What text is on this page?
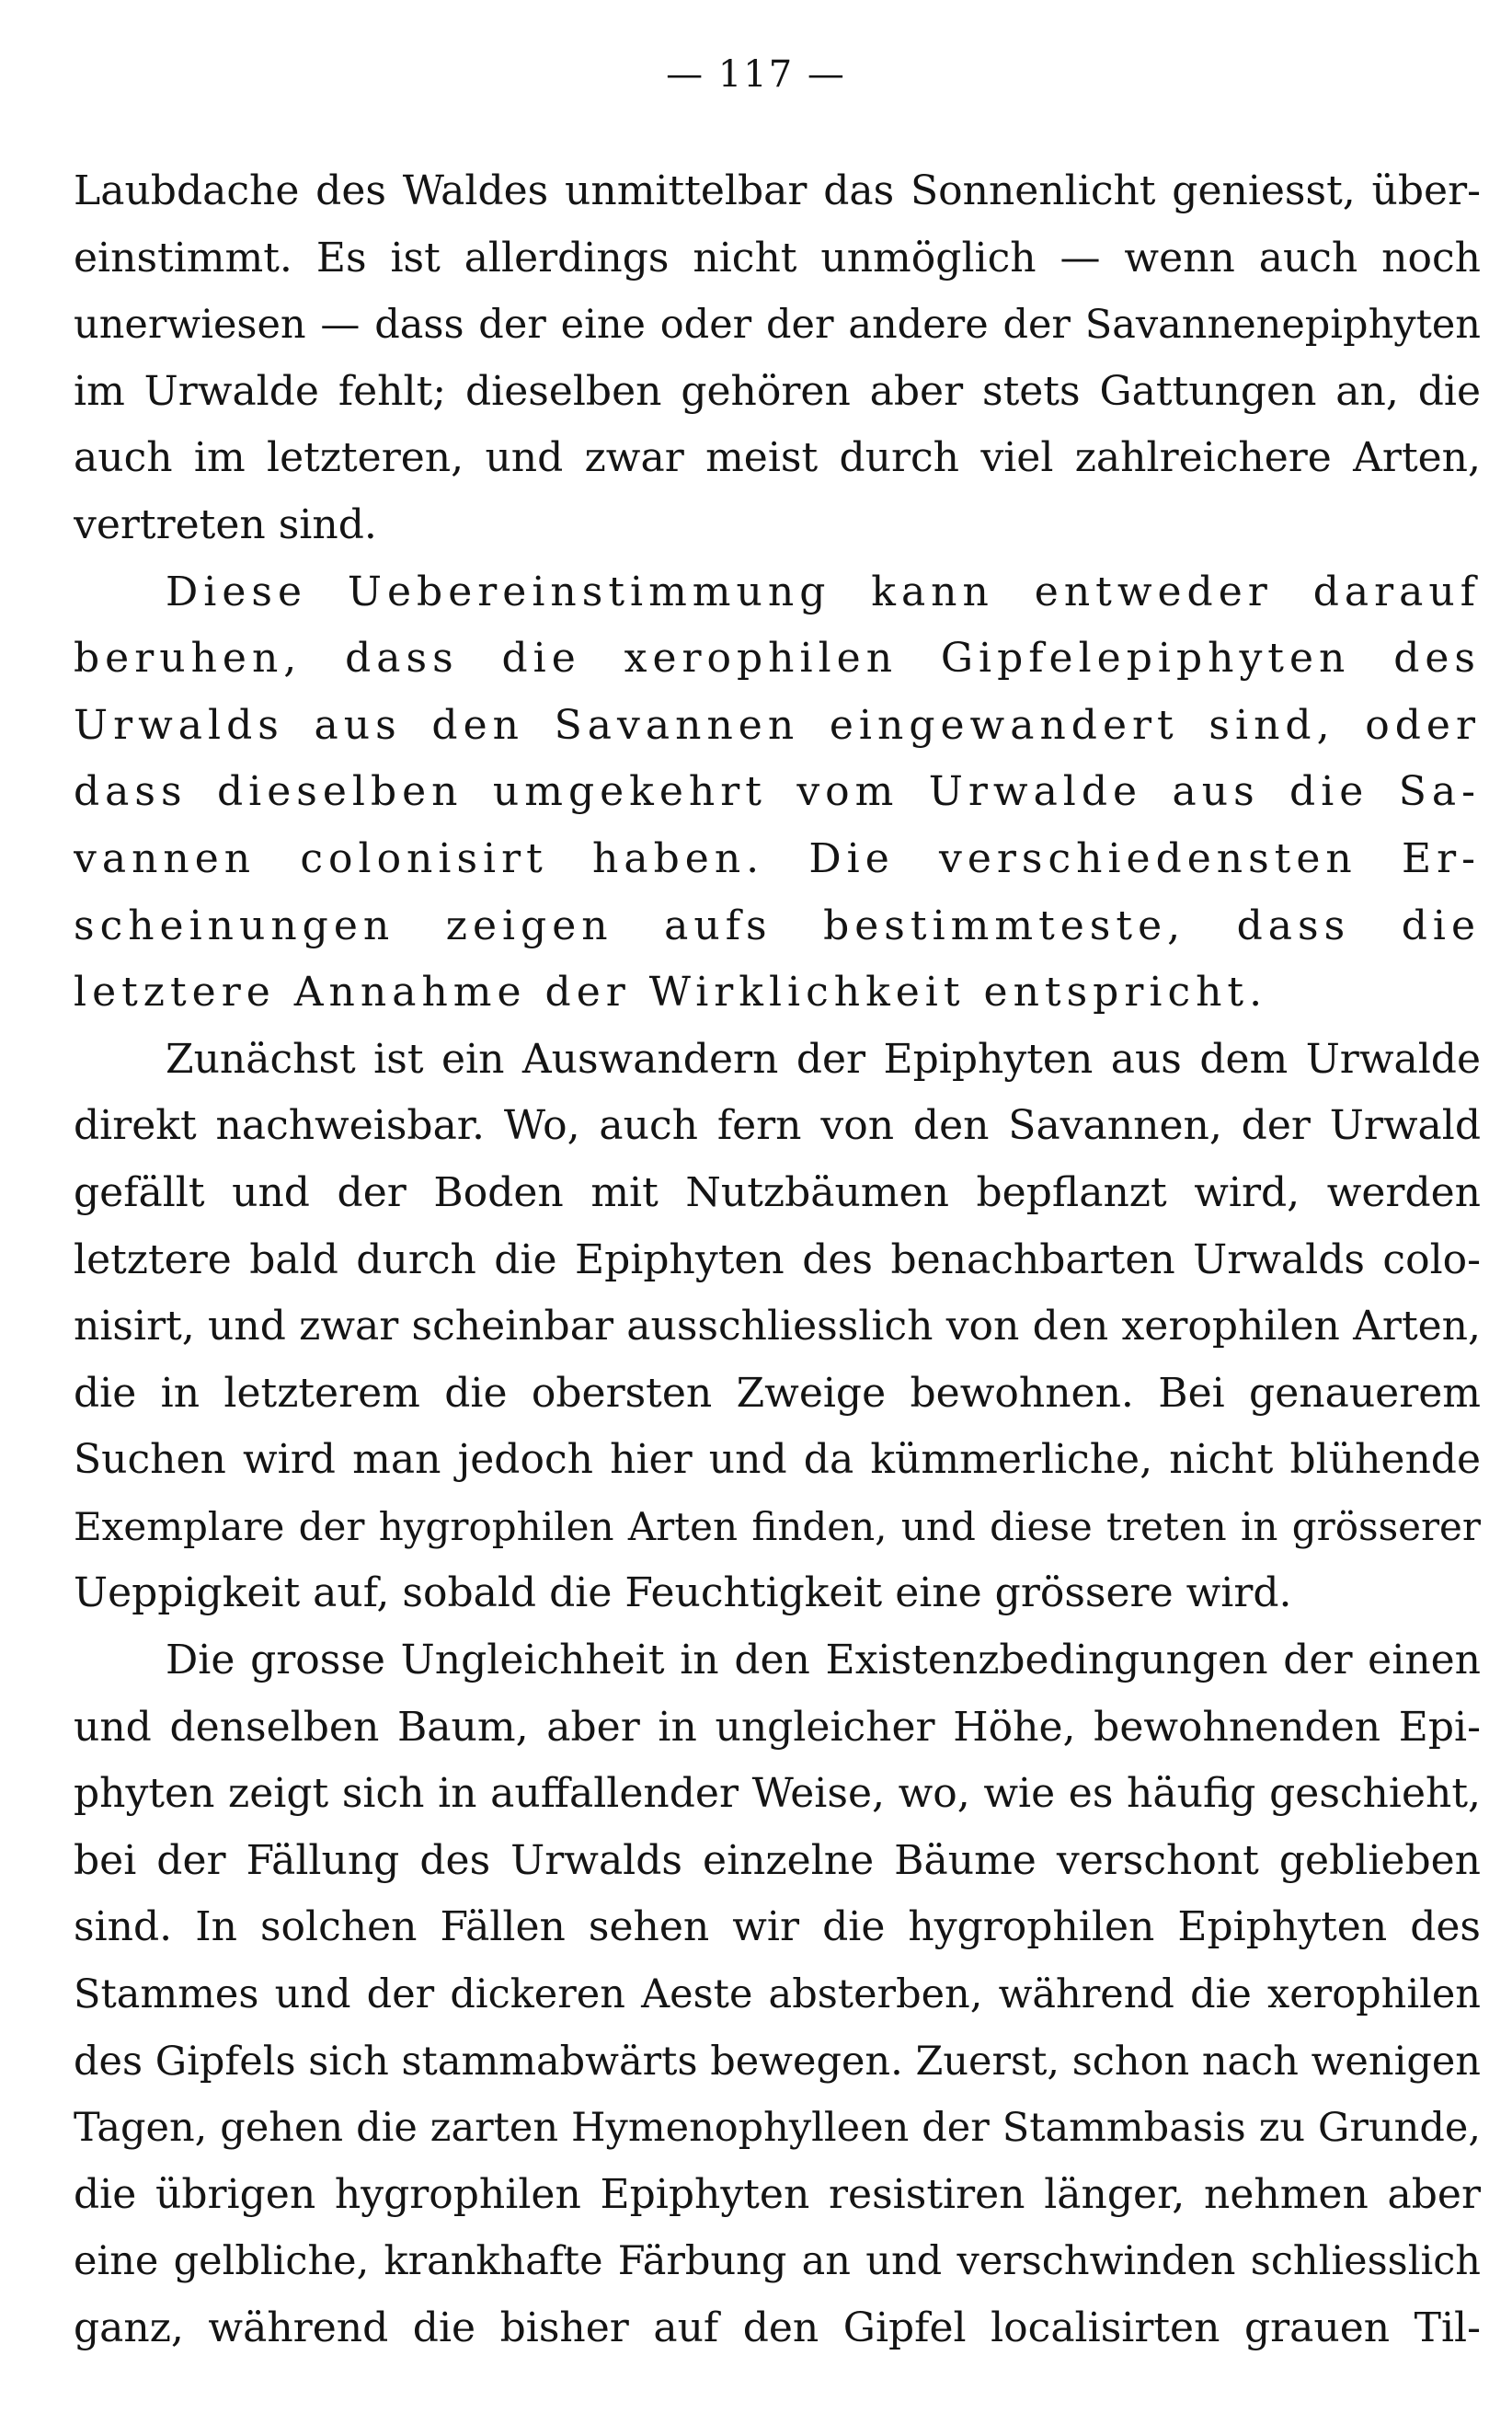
— 117 —
Laubdache des Waldes unmittelbar das Sonnenlicht geniesst, über-
einstimmt. Es ist allerdings nicht unmöglich — wenn auch noch
unerwiesen — dass der eine oder der andere der Savannenepiphyten
im Urwalde fehlt; dieselben gehören aber stets Gattungen an, die
auch im letzteren, und zwar meist durch viel zahlreichere Arten,
vertreten sind.
Diese Uebereinstimmung kann entweder darauf
beruhen, dass die xerophilen Gipfelepiphyten des
Urwalds aus den Savannen eingewandert sind, oder
dass dieselben umgekehrt vom Urwalde aus die Sa-
vannen colonisirt haben. Die verschiedensten Er-
scheinungen zeigen aufs bestimmteste, dass die
letztere Annahme der Wirklichkeit entspricht.
Zunächst ist ein Auswandern der Epiphyten aus dem Urwalde
direkt nachweisbar. Wo, auch fern von den Savannen, der Urwald
gefällt und der Boden mit Nutzbäumen bepflanzt wird, werden
letztere bald durch die Epiphyten des benachbarten Urwalds colo-
nisirt, und zwar scheinbar ausschliesslich von den xerophilen Arten,
die in letzterem die obersten Zweige bewohnen. Bei genauerem
Suchen wird man jedoch hier und da kümmerliche, nicht blühende
Exemplare der hygrophilen Arten finden, und diese treten in grösserer
Ueppigkeit auf, sobald die Feuchtigkeit eine grössere wird.
Die grosse Ungleichheit in den Existenzbedingungen der einen
und denselben Baum, aber in ungleicher Höhe, bewohnenden Epi-
phyten zeigt sich in auffallender Weise, wo, wie es häufig geschieht,
bei der Fällung des Urwalds einzelne Bäume verschont geblieben
sind. In solchen Fällen sehen wir die hygrophilen Epiphyten des
Stammes und der dickeren Aeste absterben, während die xerophilen
des Gipfels sich stammabwärts bewegen. Zuerst, schon nach wenigen
Tagen, gehen die zarten Hymenophylleen der Stammbasis zu Grunde,
die übrigen hygrophilen Epiphyten resistiren länger, nehmen aber
eine gelbliche, krankhafte Färbung an und verschwinden schliesslich
ganz, während die bisher auf den Gipfel localisirten grauen Til-
